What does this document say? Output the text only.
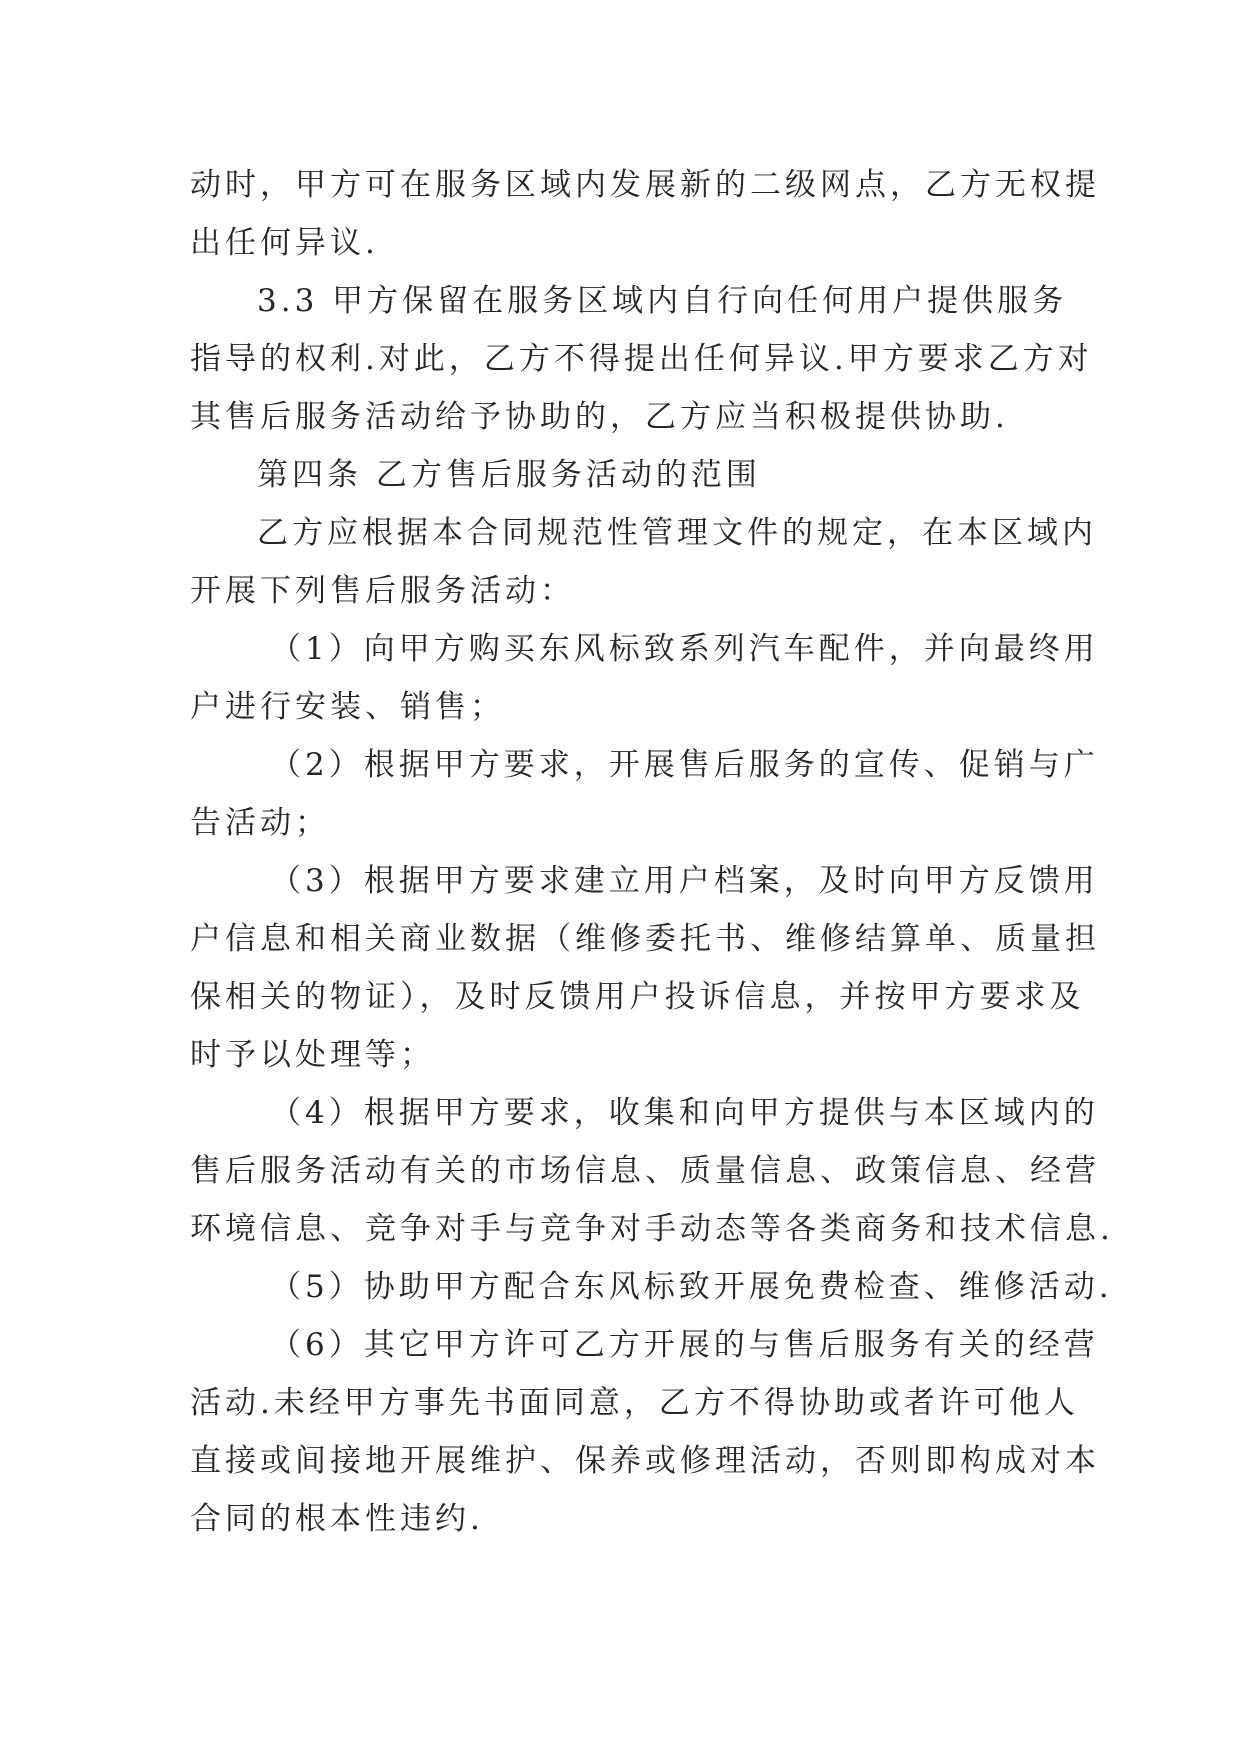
动时，甲方可在服务区域内发展新的二级网点，乙方无权提

出任何异议.

3.3 甲方保留在服务区域内自行向任何用户提供服务

指导的权利.对此，乙方不得提出任何异议.甲方要求乙方对

其售后服务活动给予协助的，乙方应当积极提供协助.

第四条 乙方售后服务活动的范围

乙方应根据本合同规范性管理文件的规定，在本区域内

开展下列售后服务活动：

（1）向甲方购买东风标致系列汽车配件，并向最终用

户进行安装、销售；

（2）根据甲方要求，开展售后服务的宣传、促销与广

告活动；

（3）根据甲方要求建立用户档案，及时向甲方反馈用

户信息和相关商业数据（维修委托书、维修结算单、质量担

保相关的物证），及时反馈用户投诉信息，并按甲方要求及

时予以处理等；

（4）根据甲方要求，收集和向甲方提供与本区域内的

售后服务活动有关的市场信息、质量信息、政策信息、经营

环境信息、竞争对手与竞争对手动态等各类商务和技术信息.

（5）协助甲方配合东风标致开展免费检查、维修活动.

（6）其它甲方许可乙方开展的与售后服务有关的经营

活动.未经甲方事先书面同意，乙方不得协助或者许可他人

直接或间接地开展维护、保养或修理活动，否则即构成对本

合同的根本性违约.
